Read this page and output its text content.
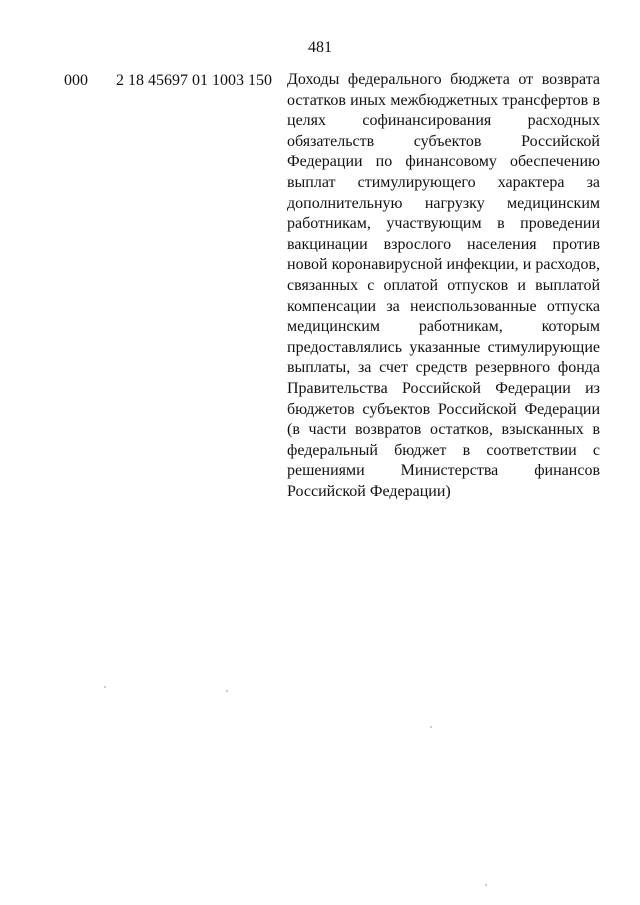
481
000 2 18 45697 01 1003 150 Доходы федерального бюджета от возврата остатков иных межбюджетных трансфертов в целях софинансирования расходных обязательств субъектов Российской Федерации по финансовому обеспечению выплат стимулирующего характера за дополнительную нагрузку медицинским работникам, участвующим в проведении вакцинации взрослого населения против новой коронавирусной инфекции, и расходов, связанных с оплатой отпусков и выплатой компенсации за неиспользованные отпуска медицинским работникам, которым предоставлялись указанные стимулирующие выплаты, за счет средств резервного фонда Правительства Российской Федерации из бюджетов субъектов Российской Федерации (в части возвратов остатков, взысканных в федеральный бюджет в соответствии с решениями Министерства финансов Российской Федерации)
